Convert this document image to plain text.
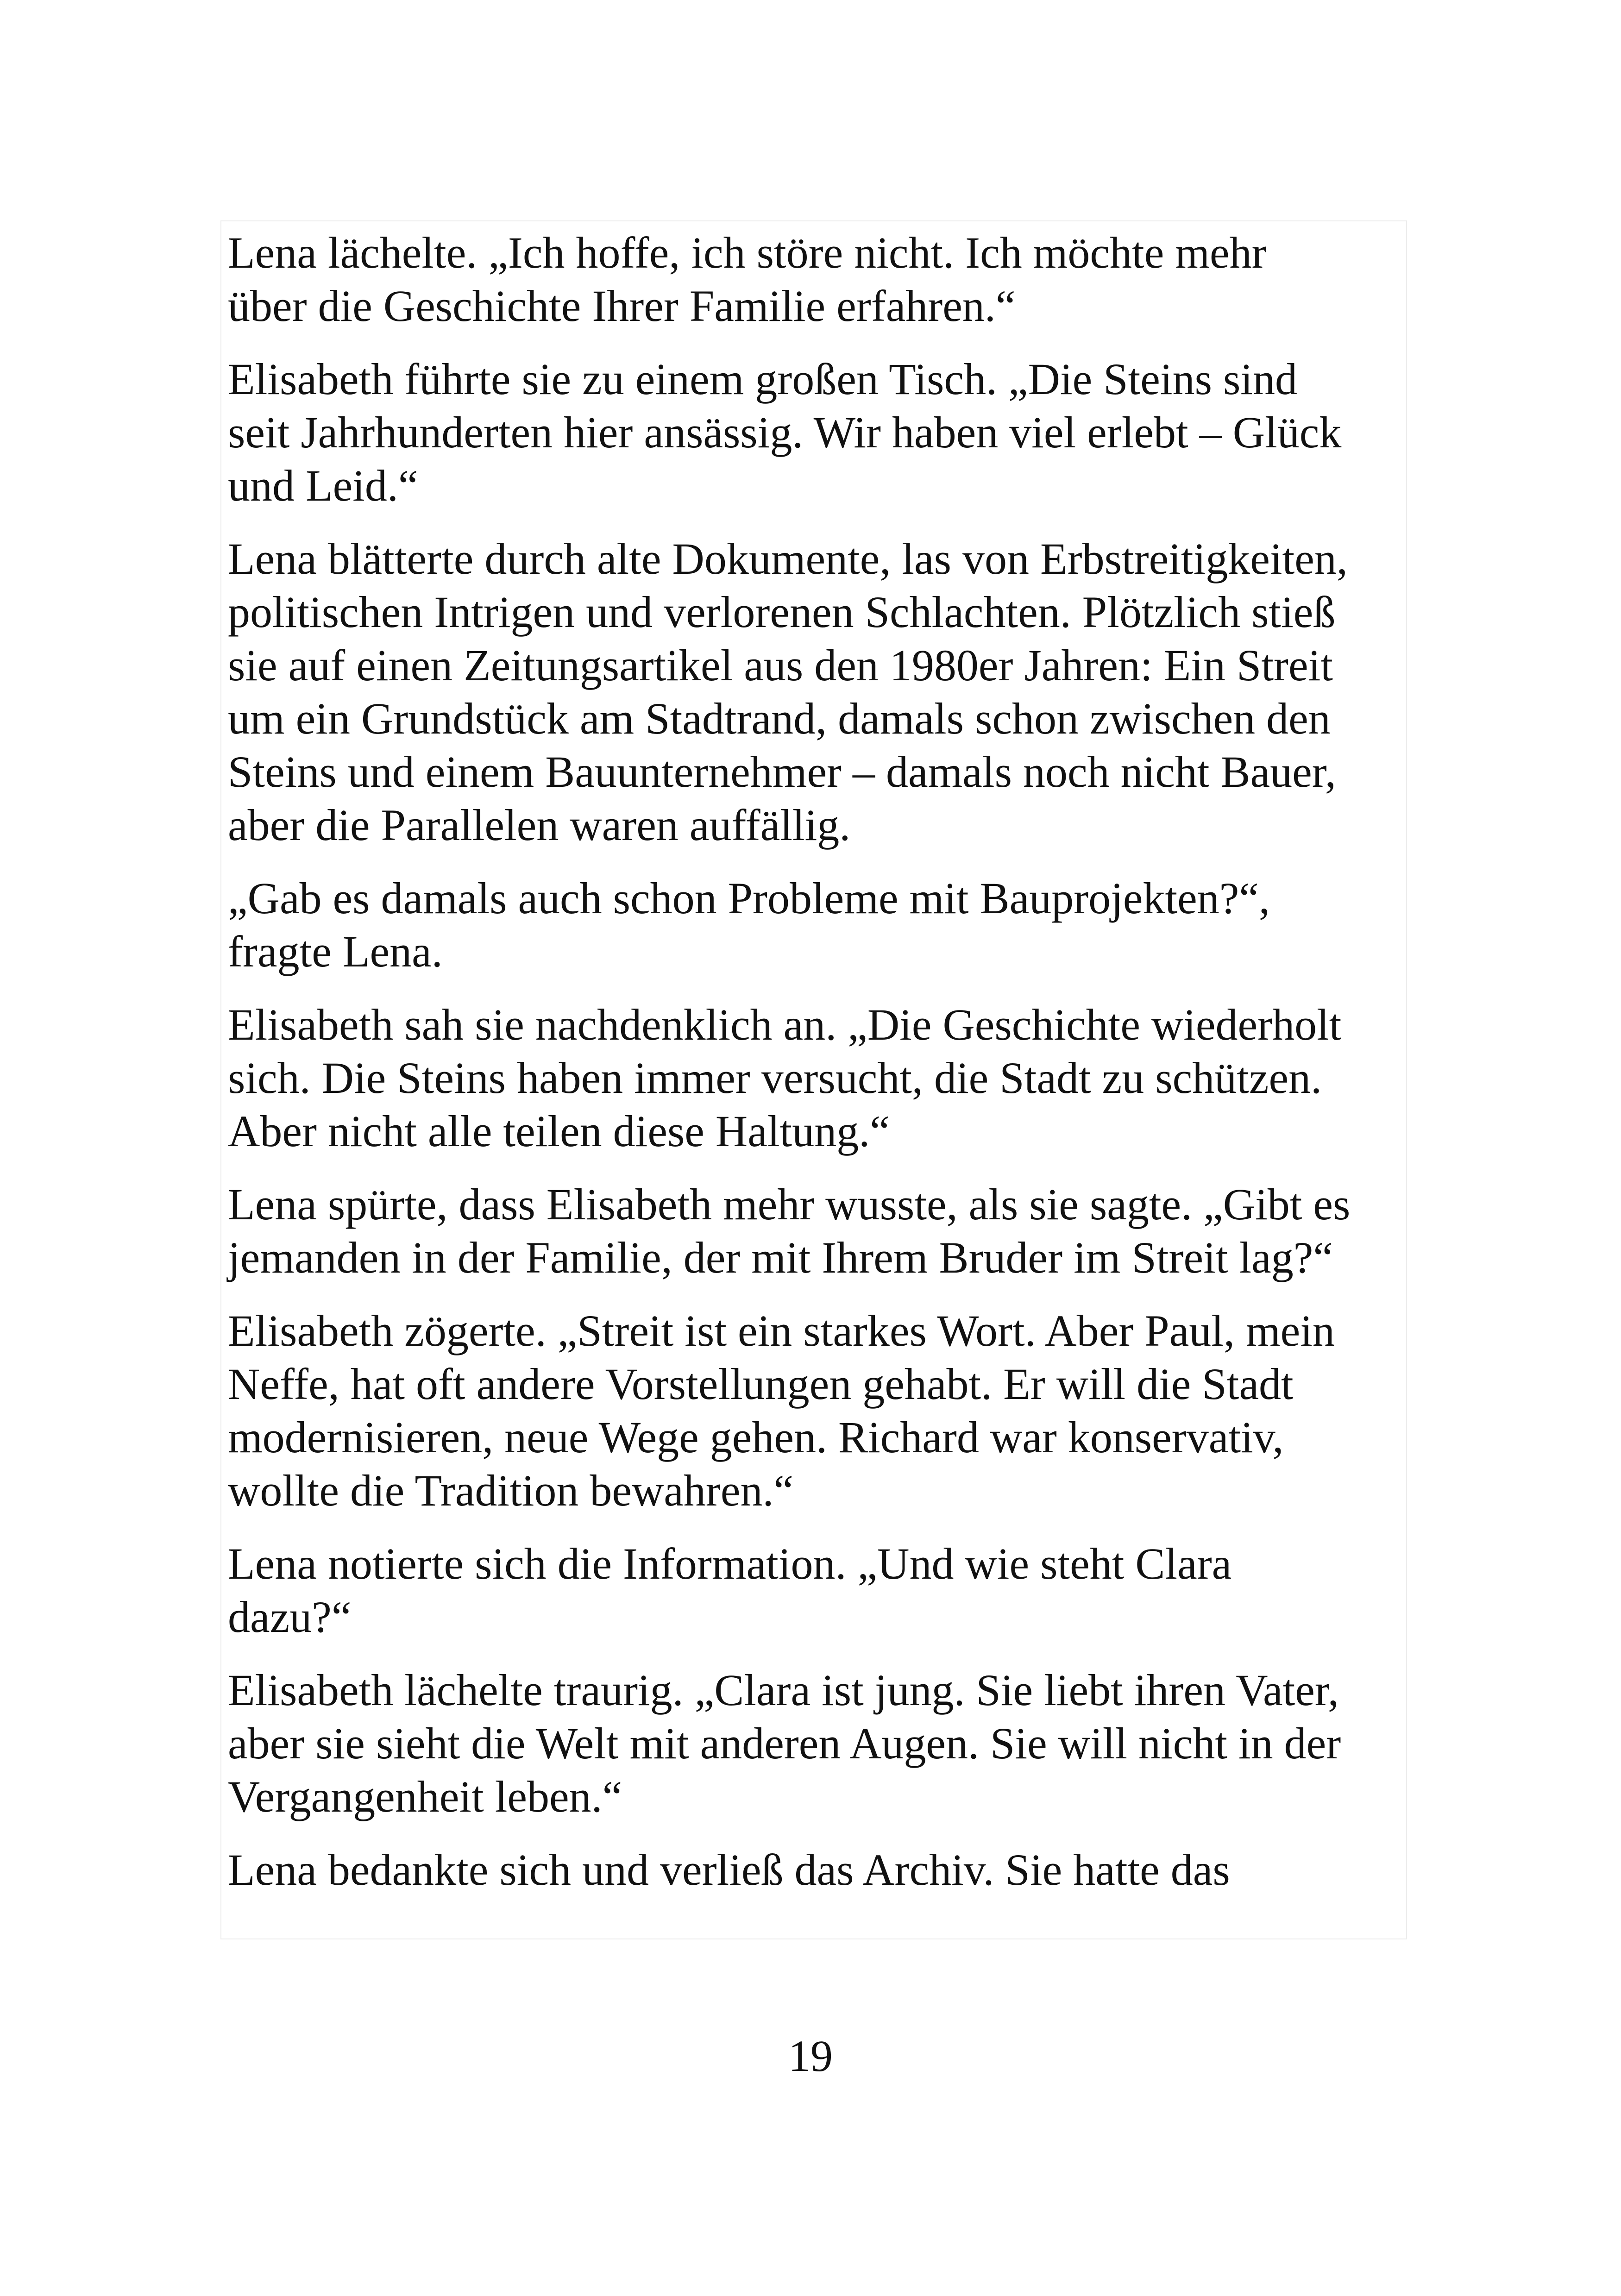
Lena lächelte. „Ich hoffe, ich störe nicht. Ich möchte mehr
über die Geschichte Ihrer Familie erfahren.“

Elisabeth führte sie zu einem großen Tisch. „Die Steins sind
seit Jahrhunderten hier ansässig. Wir haben viel erlebt – Glück
und Leid.“

Lena blätterte durch alte Dokumente, las von Erbstreitigkeiten,
politischen Intrigen und verlorenen Schlachten. Plötzlich stieß
sie auf einen Zeitungsartikel aus den 1980er Jahren: Ein Streit
um ein Grundstück am Stadtrand, damals schon zwischen den
Steins und einem Bauunternehmer – damals noch nicht Bauer,
aber die Parallelen waren auffällig.

„Gab es damals auch schon Probleme mit Bauprojekten?“,
fragte Lena.

Elisabeth sah sie nachdenklich an. „Die Geschichte wiederholt
sich. Die Steins haben immer versucht, die Stadt zu schützen.
Aber nicht alle teilen diese Haltung.“

Lena spürte, dass Elisabeth mehr wusste, als sie sagte. „Gibt es
jemanden in der Familie, der mit Ihrem Bruder im Streit lag?“

Elisabeth zögerte. „Streit ist ein starkes Wort. Aber Paul, mein
Neffe, hat oft andere Vorstellungen gehabt. Er will die Stadt
modernisieren, neue Wege gehen. Richard war konservativ,
wollte die Tradition bewahren.“

Lena notierte sich die Information. „Und wie steht Clara
dazu?“

Elisabeth lächelte traurig. „Clara ist jung. Sie liebt ihren Vater,
aber sie sieht die Welt mit anderen Augen. Sie will nicht in der
Vergangenheit leben.“

Lena bedankte sich und verließ das Archiv. Sie hatte das

19
